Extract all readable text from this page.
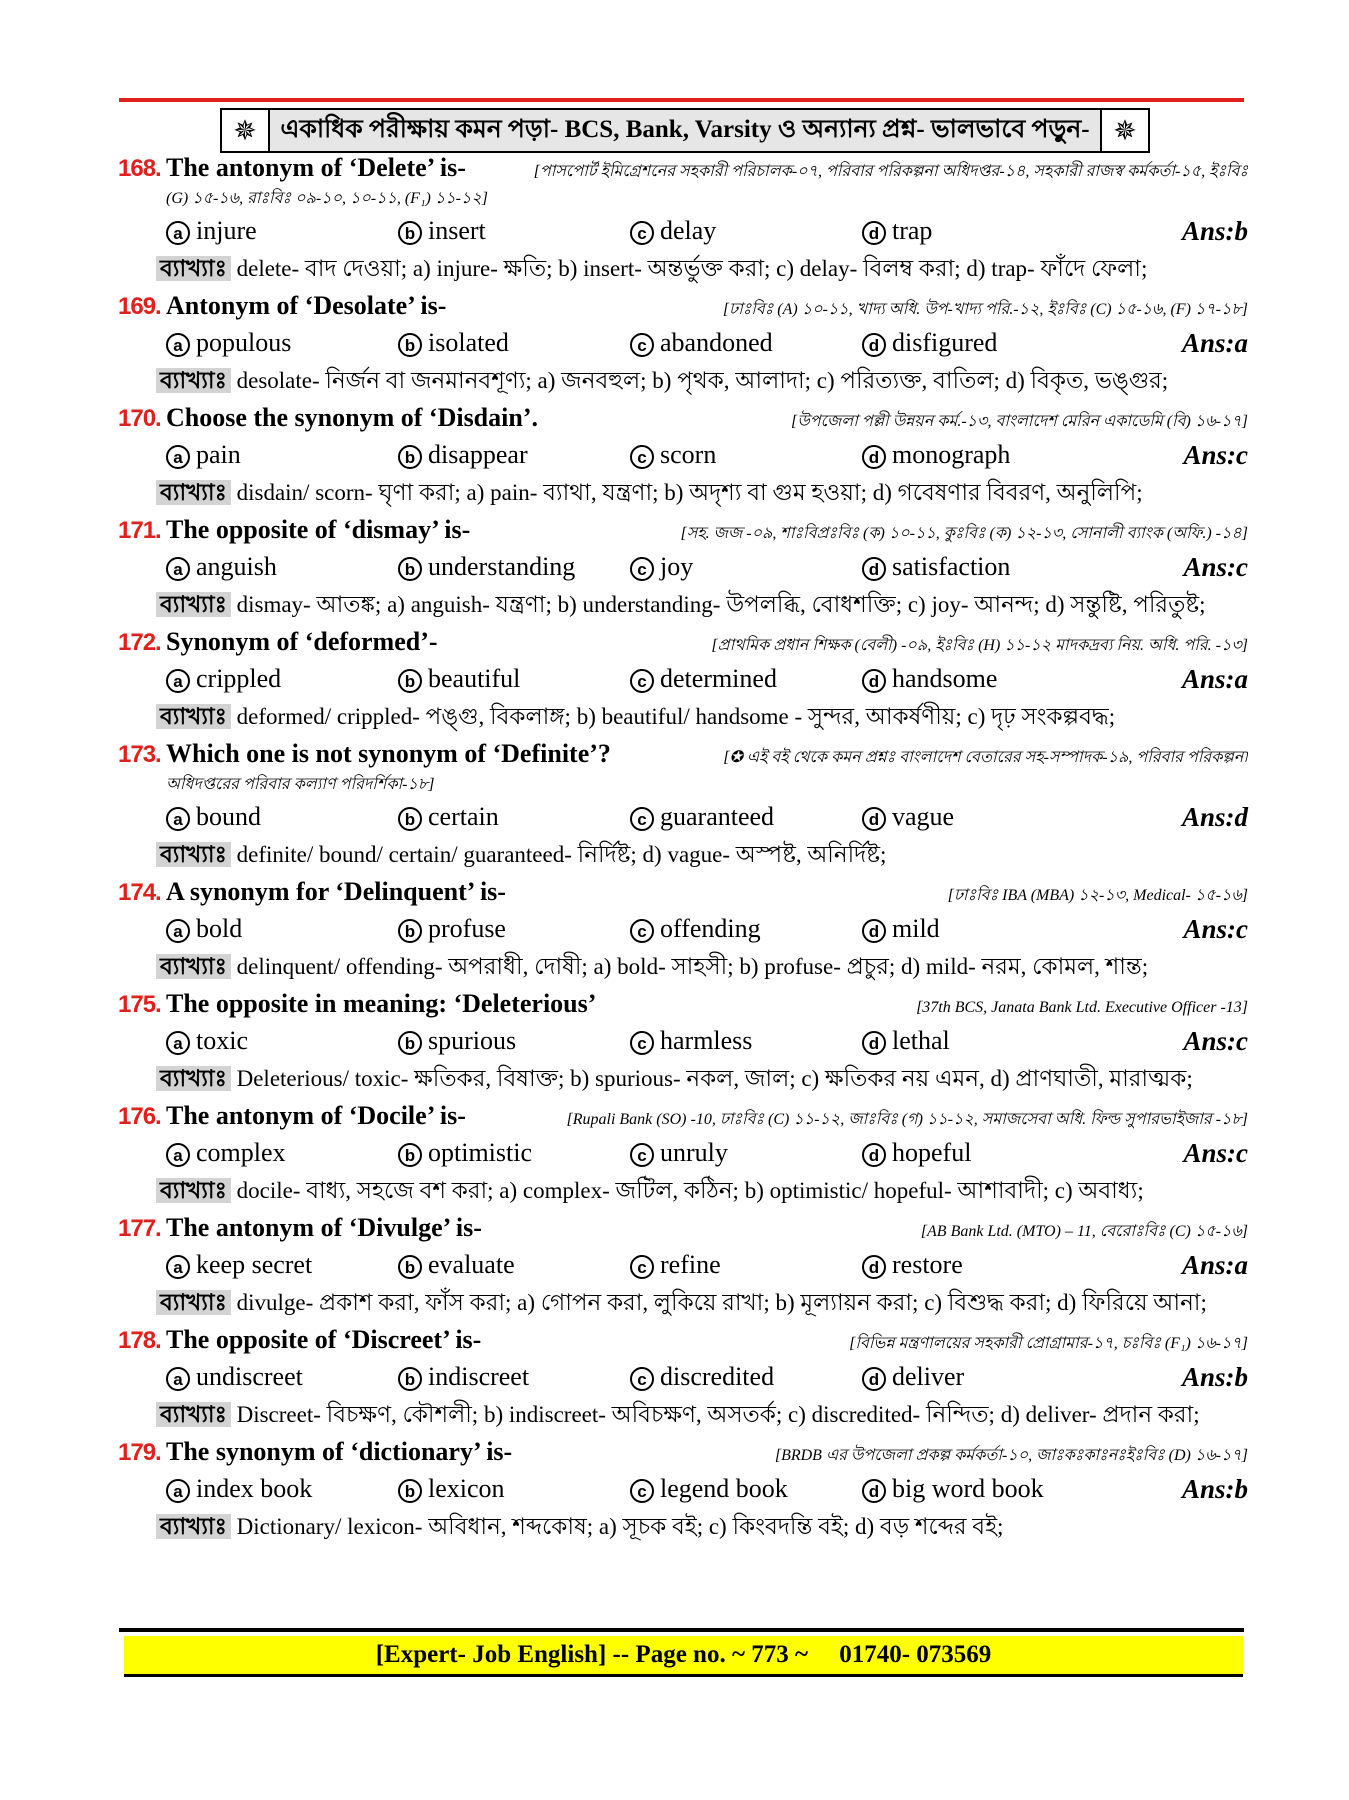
✵ একাধিক পরীক্ষায় কমন পড়া- BCS, Bank, Varsity ও অন্যান্য প্রশ্ন- ভালভাবে পড়ুন- ✵
168. The antonym of ‘Delete’ is-	[পাসপোর্ট ইমিগ্রেশনের সহকারী পরিচালক-০৭, পরিবার পরিকল্পনা অধিদপ্তর-১৪, সহকারী রাজস্ব কর্মকর্তা-১৫, ইঃবিঃ
(G) ১৫-১৬, রাঃবিঃ ০৯-১০, ১০-১১, (F₁) ১১-১২]
a injure	b insert	c delay	d trap	Ans:b
ব্যাখ্যাঃ delete- বাদ দেওয়া; a) injure- ক্ষতি; b) insert- অন্তর্ভুক্ত করা; c) delay- বিলম্ব করা; d) trap- ফাঁদে ফেলা;
169. Antonym of ‘Desolate’ is-	[ঢাঃবিঃ (A) ১০-১১, খাদ্য অধি. উপ-খাদ্য পরি.-১২, ইঃবিঃ (C) ১৫-১৬, (F) ১৭-১৮]
a populous	b isolated	c abandoned	d disfigured	Ans:a
ব্যাখ্যাঃ desolate- নির্জন বা জনমানবশূণ্য; a) জনবহুল; b) পৃথক, আলাদা; c) পরিত্যক্ত, বাতিল; d) বিকৃত, ভঙ্গুর;
170. Choose the synonym of ‘Disdain’.	[উপজেলা পল্লী উন্নয়ন কর্ম.-১৩, বাংলাদেশ মেরিন একাডেমি (বি) ১৬-১৭]
a pain	b disappear	c scorn	d monograph	Ans:c
ব্যাখ্যাঃ disdain/ scorn- ঘৃণা করা; a) pain- ব্যাথা, যন্ত্রণা; b) অদৃশ্য বা গুম হওয়া; d) গবেষণার বিবরণ, অনুলিপি;
171. The opposite of ‘dismay’ is-	[সহ. জজ -০৯, শাঃবিপ্রঃবিঃ (ক) ১০-১১, কুঃবিঃ (ক) ১২-১৩, সোনালী ব্যাংক (অফি.) -১৪]
a anguish	b understanding	c joy	d satisfaction	Ans:c
ব্যাখ্যাঃ dismay- আতঙ্ক; a) anguish- যন্ত্রণা; b) understanding- উপলব্ধি, বোধশক্তি; c) joy- আনন্দ; d) সন্তুষ্টি, পরিতুষ্ট;
172. Synonym of ‘deformed’-	[প্রাথমিক প্রধান শিক্ষক (বেলী) -০৯, ইঃবিঃ (H) ১১-১২ মাদকদ্রব্য নিয়. অধি. পরি. -১৩]
a crippled	b beautiful	c determined	d handsome	Ans:a
ব্যাখ্যাঃ deformed/ crippled- পঙ্গু, বিকলাঙ্গ; b) beautiful/ handsome - সুন্দর, আকর্ষণীয়; c) দৃঢ় সংকল্পবদ্ধ;
173. Which one is not synonym of ‘Definite’?	[✪ এই বই থেকে কমন প্রশ্নঃ বাংলাদেশ বেতারের সহ-সম্পাদক-১৯, পরিবার পরিকল্পনা
অধিদপ্তরের পরিবার কল্যাণ পরিদর্শিকা-১৮]
a bound	b certain	c guaranteed	d vague	Ans:d
ব্যাখ্যাঃ definite/ bound/ certain/ guaranteed- নির্দিষ্ট; d) vague- অস্পষ্ট, অনির্দিষ্ট;
174. A synonym for ‘Delinquent’ is-	[ঢাঃবিঃ IBA (MBA) ১২-১৩, Medical- ১৫-১৬]
a bold	b profuse	c offending	d mild	Ans:c
ব্যাখ্যাঃ delinquent/ offending- অপরাধী, দোষী; a) bold- সাহসী; b) profuse- প্রচুর; d) mild- নরম, কোমল, শান্ত;
175. The opposite in meaning: ‘Deleterious’	[37th BCS, Janata Bank Ltd. Executive Officer -13]
a toxic	b spurious	c harmless	d lethal	Ans:c
ব্যাখ্যাঃ Deleterious/ toxic- ক্ষতিকর, বিষাক্ত; b) spurious- নকল, জাল; c) ক্ষতিকর নয় এমন, d) প্রাণঘাতী, মারাত্মক;
176. The antonym of ‘Docile’ is-	[Rupali Bank (SO) -10, ঢাঃবিঃ (C) ১১-১২, জাঃবিঃ (গ) ১১-১২, সমাজসেবা অধি. ফিল্ড সুপারভাইজার -১৮]
a complex	b optimistic	c unruly	d hopeful	Ans:c
ব্যাখ্যাঃ docile- বাধ্য, সহজে বশ করা; a) complex- জটিল, কঠিন; b) optimistic/ hopeful- আশাবাদী; c) অবাধ্য;
177. The antonym of ‘Divulge’ is-	[AB Bank Ltd. (MTO) – 11, বেরোঃবিঃ (C) ১৫-১৬]
a keep secret	b evaluate	c refine	d restore	Ans:a
ব্যাখ্যাঃ divulge- প্রকাশ করা, ফাঁস করা; a) গোপন করা, লুকিয়ে রাখা; b) মূল্যায়ন করা; c) বিশুদ্ধ করা; d) ফিরিয়ে আনা;
178. The opposite of ‘Discreet’ is-	[বিভিন্ন মন্ত্রণালয়ের সহকারী প্রোগ্রামার-১৭, চঃবিঃ (F₁) ১৬-১৭]
a undiscreet	b indiscreet	c discredited	d deliver	Ans:b
ব্যাখ্যাঃ Discreet- বিচক্ষণ, কৌশলী; b) indiscreet- অবিচক্ষণ, অসতর্ক; c) discredited- নিন্দিত; d) deliver- প্রদান করা;
179. The synonym of ‘dictionary’ is-	[BRDB এর উপজেলা প্রকল্প কর্মকর্তা-১০, জাঃকঃকাঃনঃইঃবিঃ (D) ১৬-১৭]
a index book	b lexicon	c legend book	d big word book	Ans:b
ব্যাখ্যাঃ Dictionary/ lexicon- অবিধান, শব্দকোষ; a) সূচক বই; c) কিংবদন্তি বই; d) বড় শব্দের বই;
[Expert- Job English] -- Page no. ~ 773 ~     01740- 073569
